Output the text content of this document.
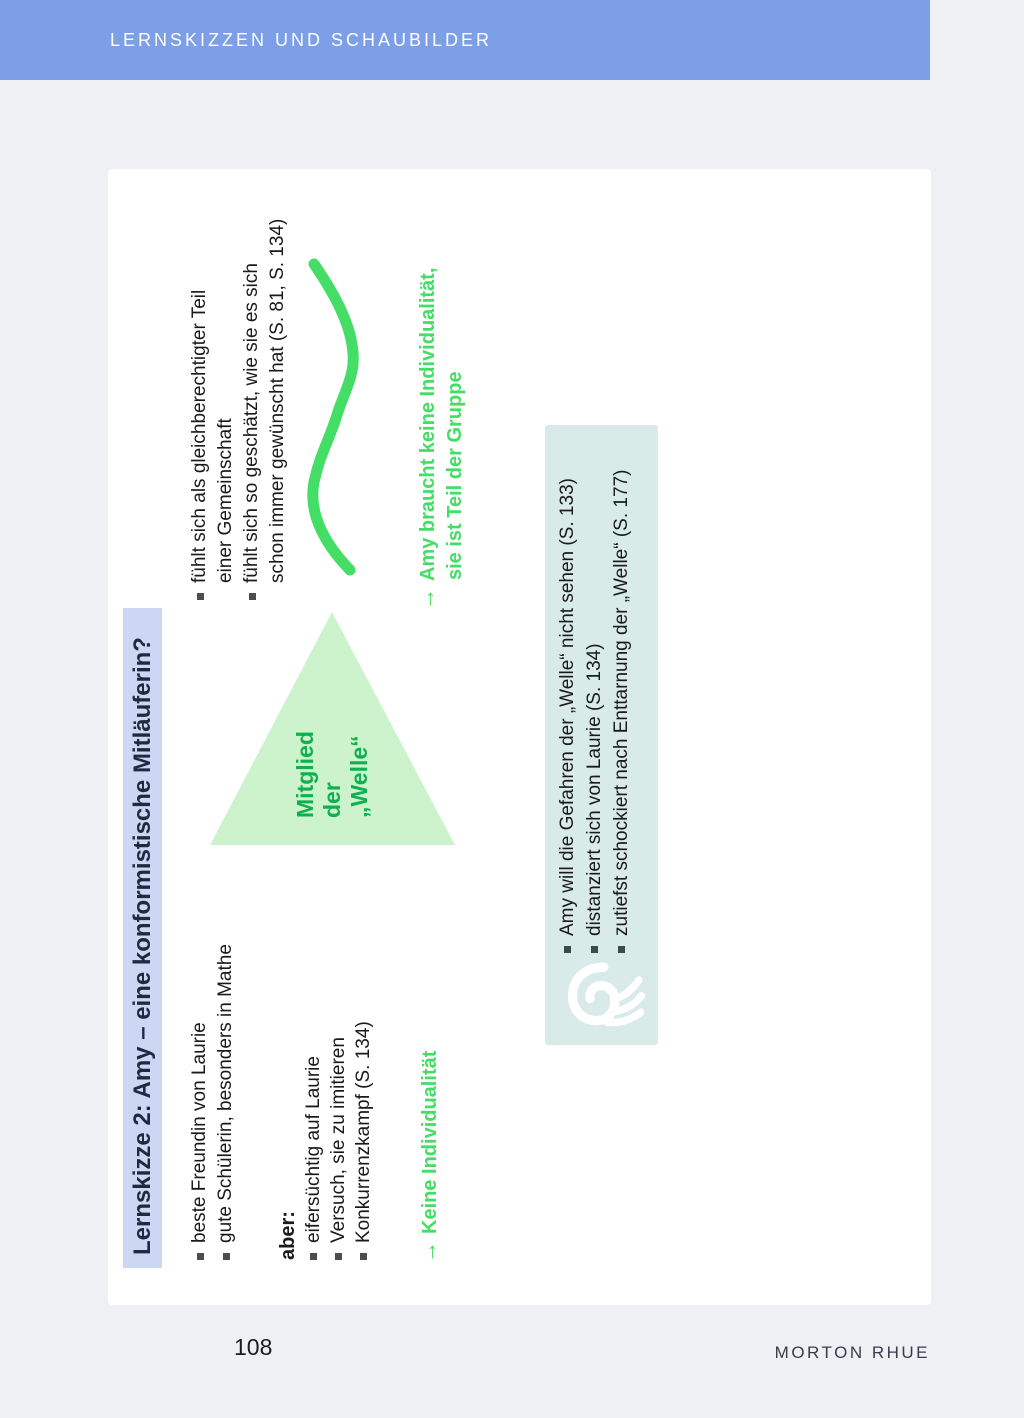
LERNSKIZZEN UND SCHAUBILDER
Lernskizze 2: Amy – eine konformistische Mitläuferin?	beste Freundin von Laurie gute Schülerin, besonders in Mathe aber: eifersüchtig auf Laurie Versuch, sie zu imitieren Konkurrenzkampf (S. 134)
→Keine Individualität
Mitglied der „Welle“
fühlt sich als gleichberechtigter Teil einer Gemeinschaft fühlt sich so geschätzt, wie sie es sich schon immer gewünscht hat (S. 81, S. 134)
→Amy braucht keine Individualität, sie ist Teil der Gruppe
Amy will die Gefahren der „Welle“ nicht sehen (S. 133) distanziert sich von Laurie (S. 134) zutiefst schockiert nach Enttarnung der „Welle“ (S. 177)
108	MORTON RHUE
